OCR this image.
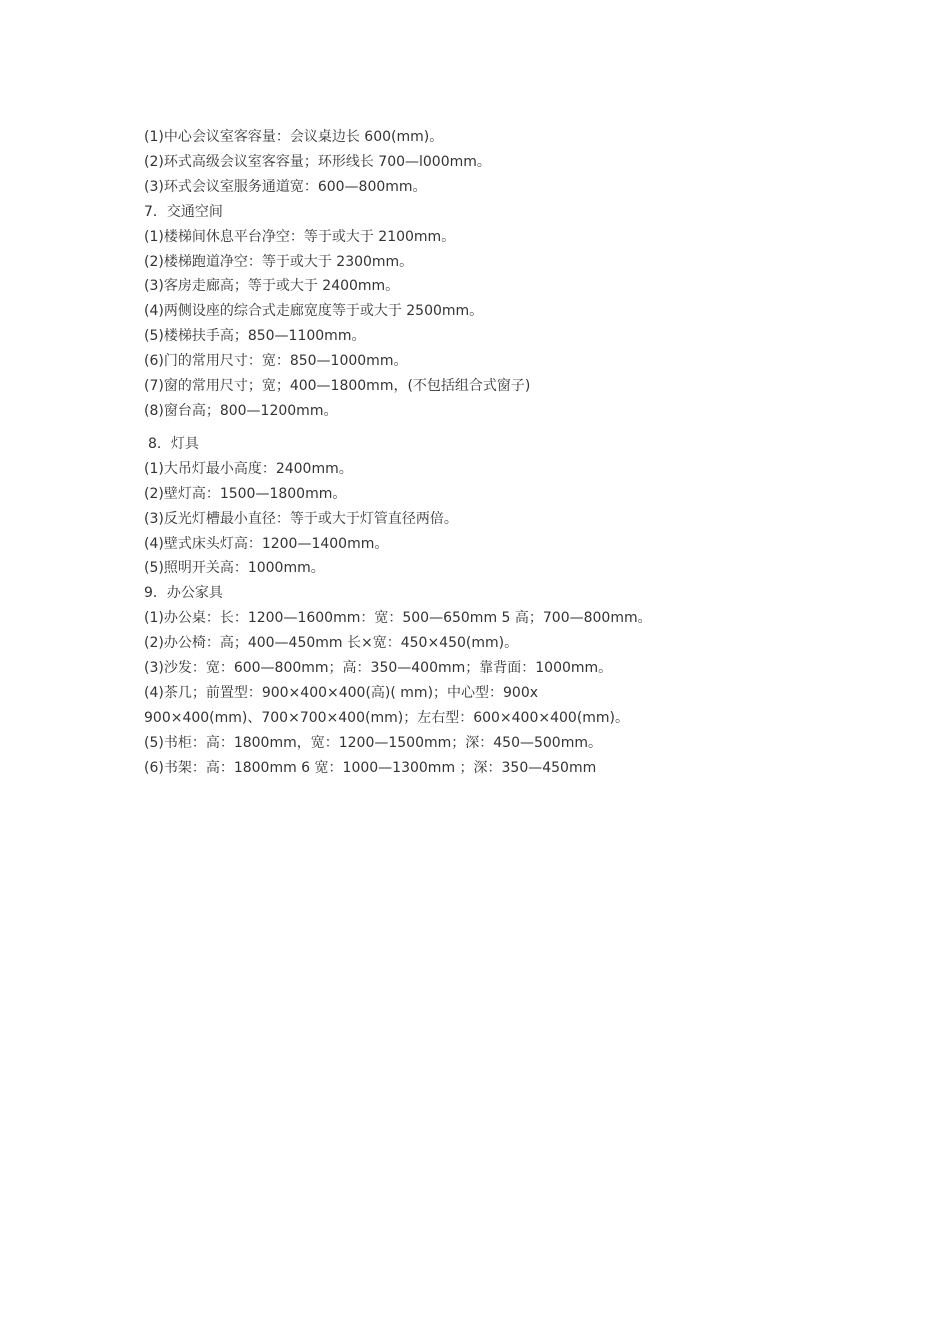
(1)中心会议室客容量：会议桌边长 600(mm)。

(2)环式高级会议室客容量；环形线长 700—l000mm。

(3)环式会议室服务通道宽：600—800mm。

7．交通空间

(1)楼梯间休息平台净空：等于或大于 2100mm。

(2)楼梯跑道净空：等于或大于 2300mm。

(3)客房走廊高；等于或大于 2400mm。

(4)两侧设座的综合式走廊宽度等于或大于 2500mm。

(5)楼梯扶手高；850—1100mm。

(6)门的常用尺寸：宽：850—1000mm。

(7)窗的常用尺寸；宽；400—1800mm，(不包括组合式窗子)

(8)窗台高；800—1200mm。

8．灯具

(1)大吊灯最小高度：2400mm。

(2)壁灯高：1500—1800mm。

(3)反光灯槽最小直径：等于或大于灯管直径两倍。

(4)壁式床头灯高：1200—1400mm。

(5)照明开关高：1000mm。

9．办公家具

(1)办公桌：长：1200—1600mm：宽：500—650mm 5 高；700—800mm。

(2)办公椅：高；400—450mm 长×宽：450×450(mm)。

(3)沙发：宽：600—800mm；高：350—400mm；靠背面：1000mm。

(4)茶几；前置型：900×400×400(高)( mm)；中心型：900x

900×400(mm)、700×700×400(mm)；左右型：600×400×400(mm)。

(5)书柜：高：1800mm，宽：1200—1500mm；深：450—500mm。

(6)书架：高：1800mm 6 宽：1000—1300mm ；深：350—450mm
